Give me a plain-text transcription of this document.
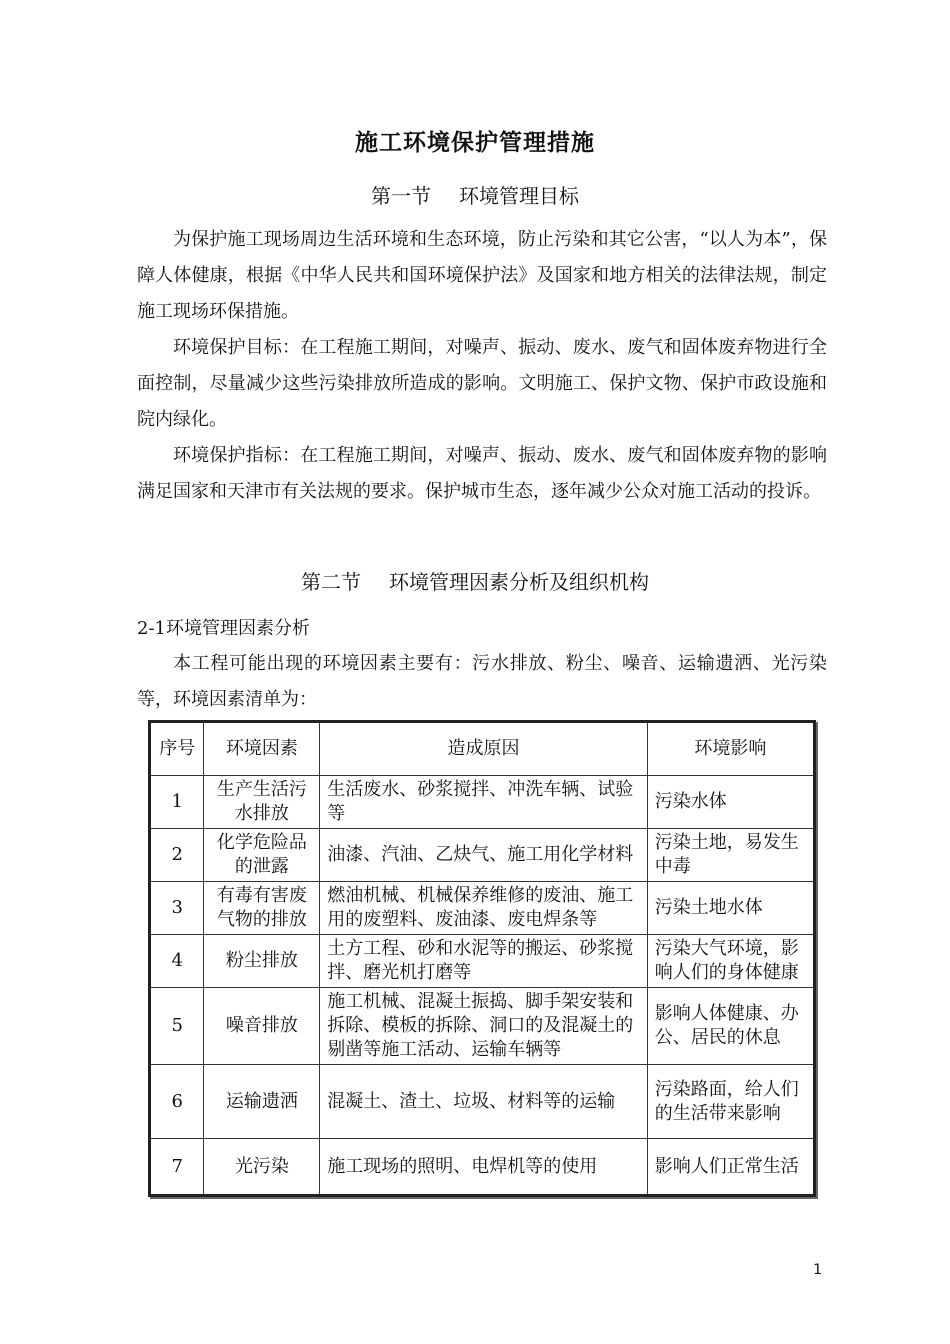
施工环境保护管理措施
第一节 环境管理目标

为保护施工现场周边生活环境和生态环境，防止污染和其它公害，“以人为本”，保障人体健康，根据《中华人民共和国环境保护法》及国家和地方相关的法律法规，制定施工现场环保措施。

环境保护目标：在工程施工期间，对噪声、振动、废水、废气和固体废弃物进行全面控制，尽量减少这些污染排放所造成的影响。文明施工、保护文物、保护市政设施和院内绿化。

环境保护指标：在工程施工期间，对噪声、振动、废水、废气和固体废弃物的影响满足国家和天津市有关法规的要求。保护城市生态，逐年减少公众对施工活动的投诉。

第二节 环境管理因素分析及组织机构
2-1环境管理因素分析

本工程可能出现的环境因素主要有：污水排放、粉尘、噪音、运输遗洒、光污染等，环境因素清单为：

序号	环境因素	造成原因	环境影响
1	生产生活污水排放	生活废水、砂浆搅拌、冲洗车辆、试验等	污染水体
2	化学危险品的泄露	油漆、汽油、乙炔气、施工用化学材料	污染土地，易发生中毒
3	有毒有害废气物的排放	燃油机械、机械保养维修的废油、施工用的废塑料、废油漆、废电焊条等	污染土地水体
4	粉尘排放	土方工程、砂和水泥等的搬运、砂浆搅拌、磨光机打磨等	污染大气环境，影响人们的身体健康
5	噪音排放	施工机械、混凝土振捣、脚手架安装和拆除、模板的拆除、洞口的及混凝土的剔凿等施工活动、运输车辆等	影响人体健康、办公、居民的休息
6	运输遗洒	混凝土、渣土、垃圾、材料等的运输	污染路面，给人们的生活带来影响
7	光污染	施工现场的照明、电焊机等的使用	影响人们正常生活
1
